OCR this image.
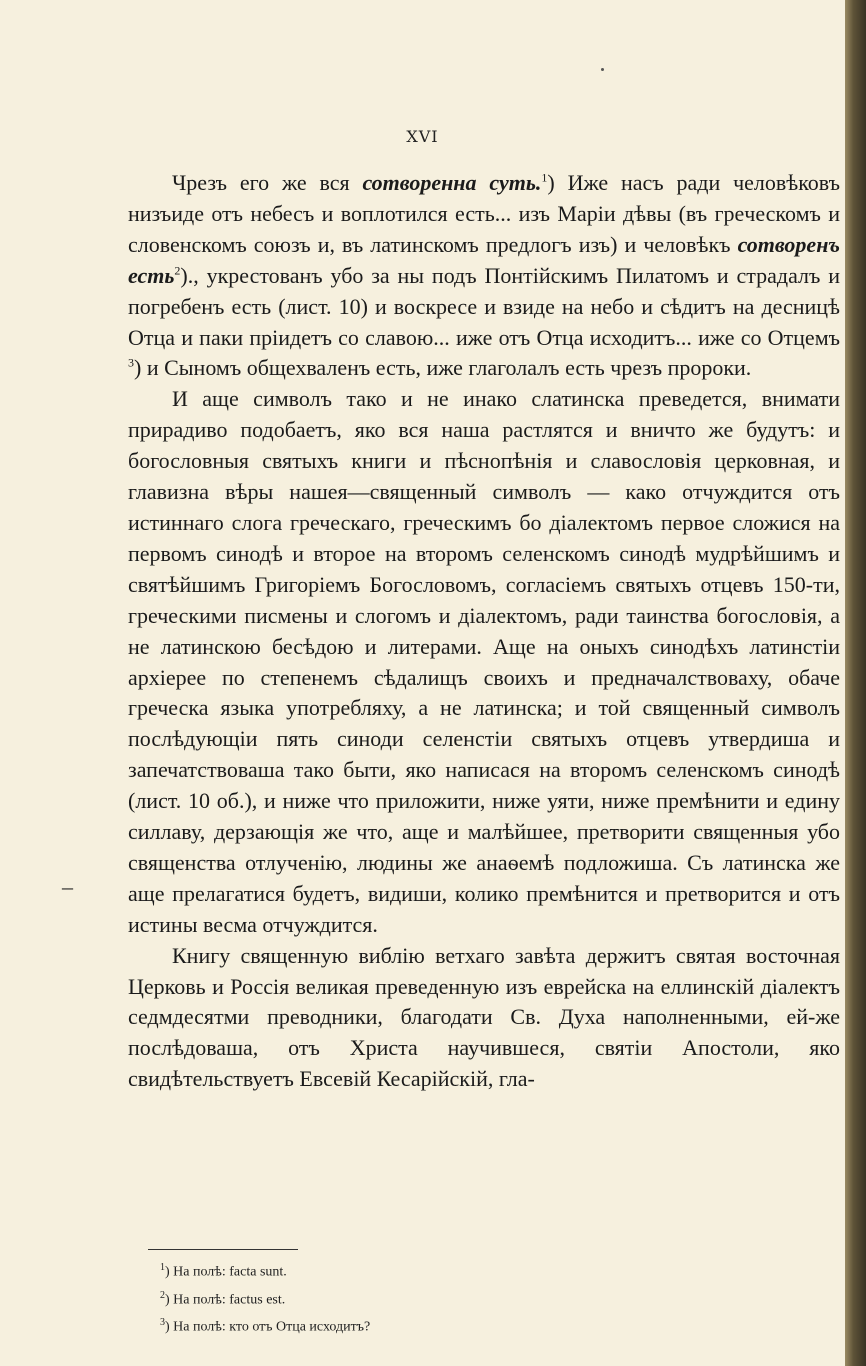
XVI
–

Чрезъ его же вся сотворенна суть.$^1$) Иже насъ ради человѣковъ низъиде отъ небесъ и воплотился есть... изъ Маріи дѣвы (въ грeческомъ и словенскомъ союзъ и, въ латинскомъ предлогъ изъ) и человѣкъ сотворенъ есть$^2$)., укрестованъ убо за ны подъ Понтійскимъ Пилатомъ и страдалъ и погребенъ есть (лист. 10) и воскресе и взиде на небо и сѣдитъ на десницѣ Отца и паки пріидетъ со славою... иже отъ Отца исходитъ... иже со Отцемъ $^3$) и Сыномъ общехваленъ есть, иже глаголалъ есть чрезъ пророки.

И аще символъ тако и не инако слатинска преведется, внимати прирадиво подобаетъ, яко вся наша растлятся и вничто же будутъ: и богословныя святыхъ книги и пѣснопѣнія и славословія церковная, и главизна вѣры нашея—священный символъ — како отчуждится отъ истиннаго слога греческаго, греческимъ бо діалектомъ первое сложися на первомъ синодѣ и второе на второмъ селенскомъ синодѣ мудрѣйшимъ и святѣйшимъ Григоріемъ Богословомъ, согласіемъ святыхъ отцевъ 150-ти, греческими писмены и слогомъ и діалектомъ, ради таинства богословія, а не латинскою бесѣдою и литерами. Аще на оныхъ синодѣхъ латинстіи архіерее по степенемъ сѣдалищъ своихъ и предначалствоваху, обаче греческа языка употребляху, а не латинска; и той священный символъ послѣдующіи пять синоди селенстіи святыхъ отцевъ утвердиша и запечатствоваша тако быти, яко написася на второмъ селенскомъ синодѣ (лист. 10 об.), и ниже что приложити, ниже уяти, ниже премѣнити и едину силлаву, дерзающія же что, аще и малѣйшее, претворити священныя убо священства отлученію, людины же анаѳемѣ подложиша. Съ латинска же аще прелагатися будетъ, видиши, колико премѣнится и претворится и отъ истины весма отчуждится.

Книгу священную виблію ветхаго завѣта держитъ святая восточная Церковь и Россія великая преведенную изъ еврейска на еллинскій діалектъ седмдесятми преводники, благодати Св. Духа наполненными, ей-же послѣдоваша, отъ Христа научившеся, святіи Апостоли, яко свидѣтельствуетъ Евсевій Кесарійскій, гла-

$^1$) На полѣ: facta sunt.
$^2$) На полѣ: factus est.
$^3$) На полѣ: кто отъ Отца исходитъ?
